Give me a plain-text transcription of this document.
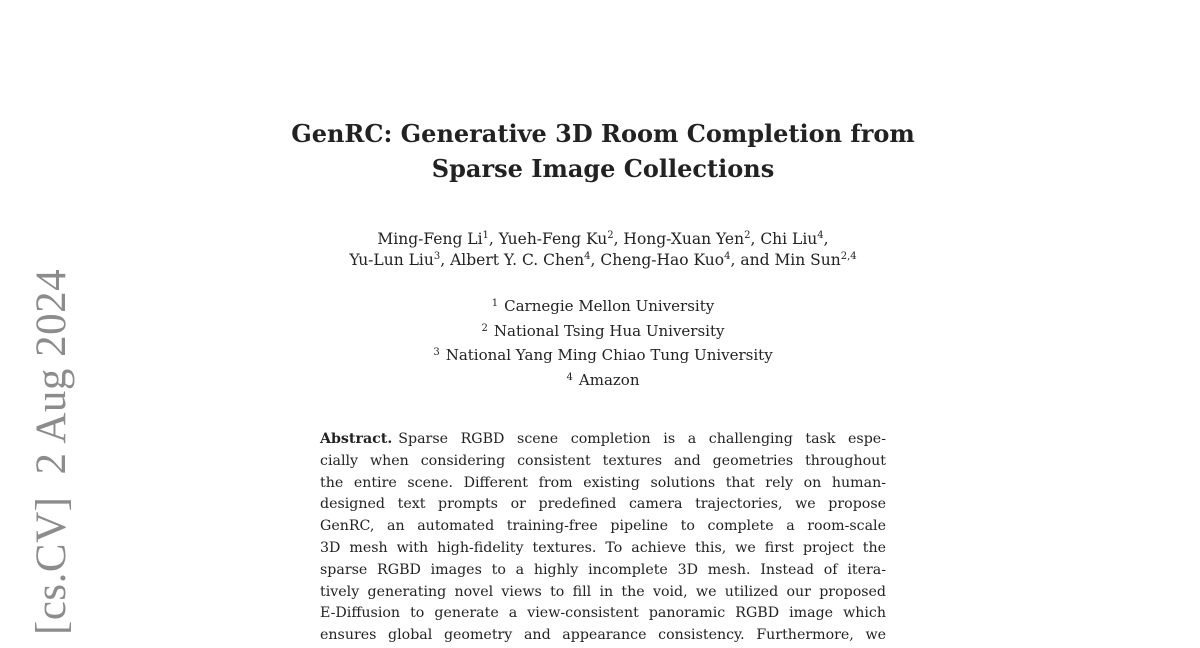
[cs.CV]2 Aug 2024
GenRC: Generative 3D Room Completion from
Sparse Image Collections
Ming-Feng Li$^1$, Yueh-Feng Ku$^2$, Hong-Xuan Yen$^2$, Chi Liu$^4$,
Yu-Lun Liu$^3$, Albert Y. C. Chen$^4$, Cheng-Hao Kuo$^4$, and Min Sun$^{2,4}$
$^1$ Carnegie Mellon University
$^2$ National Tsing Hua University
$^3$ National Yang Ming Chiao Tung University
$^4$ Amazon
Abstract. Sparse RGBD scene completion is a challenging task espe-
cially when considering consistent textures and geometries throughout
the entire scene. Different from existing solutions that rely on human-
designed text prompts or predefined camera trajectories, we propose
GenRC, an automated training-free pipeline to complete a room-scale
3D mesh with high-fidelity textures. To achieve this, we first project the
sparse RGBD images to a highly incomplete 3D mesh. Instead of itera-
tively generating novel views to fill in the void, we utilized our proposed
E-Diffusion to generate a view-consistent panoramic RGBD image which
ensures global geometry and appearance consistency. Furthermore, we
